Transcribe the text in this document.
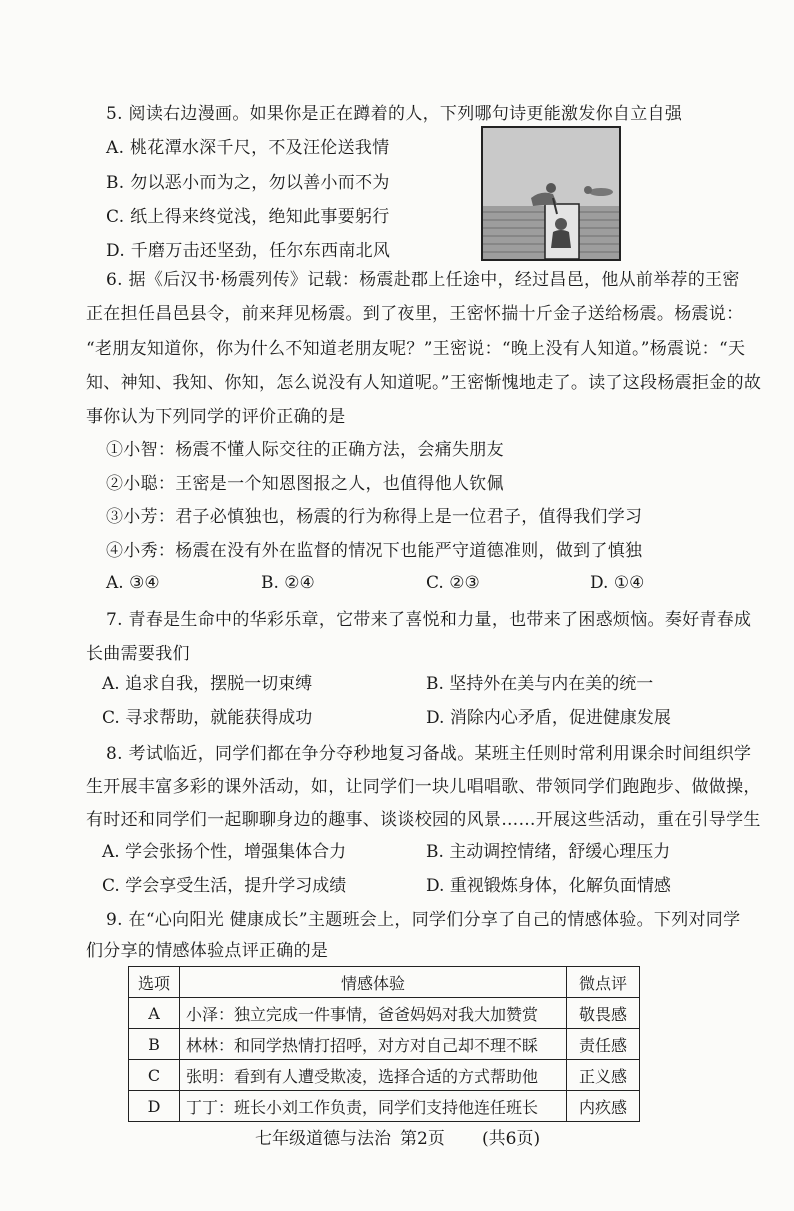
5. 阅读右边漫画。如果你是正在蹲着的人，下列哪句诗更能激发你自立自强
A. 桃花潭水深千尺，不及汪伦送我情
B. 勿以恶小而为之，勿以善小而不为
C. 纸上得来终觉浅，绝知此事要躬行
D. 千磨万击还坚劲，任尔东西南北风
6. 据《后汉书·杨震列传》记载：杨震赴郡上任途中，经过昌邑，他从前举荐的王密
正在担任昌邑县令，前来拜见杨震。到了夜里，王密怀揣十斤金子送给杨震。杨震说：
“老朋友知道你，你为什么不知道老朋友呢？”王密说：“晚上没有人知道。”杨震说：“天
知、神知、我知、你知，怎么说没有人知道呢。”王密惭愧地走了。读了这段杨震拒金的故
事你认为下列同学的评价正确的是
①小智：杨震不懂人际交往的正确方法，会痛失朋友
②小聪：王密是一个知恩图报之人，也值得他人钦佩
③小芳：君子必慎独也，杨震的行为称得上是一位君子，值得我们学习
④小秀：杨震在没有外在监督的情况下也能严守道德准则，做到了慎独
A. ③④	B. ②④	C. ②③	D. ①④
7. 青春是生命中的华彩乐章，它带来了喜悦和力量，也带来了困惑烦恼。奏好青春成
长曲需要我们
A. 追求自我，摆脱一切束缚	B. 坚持外在美与内在美的统一
C. 寻求帮助，就能获得成功	D. 消除内心矛盾，促进健康发展
8. 考试临近，同学们都在争分夺秒地复习备战。某班主任则时常利用课余时间组织学
生开展丰富多彩的课外活动，如，让同学们一块儿唱唱歌、带领同学们跑跑步、做做操，
有时还和同学们一起聊聊身边的趣事、谈谈校园的风景……开展这些活动，重在引导学生
A. 学会张扬个性，增强集体合力	B. 主动调控情绪，舒缓心理压力
C. 学会享受生活，提升学习成绩	D. 重视锻炼身体，化解负面情感
9. 在“心向阳光 健康成长”主题班会上，同学们分享了自己的情感体验。下列对同学
们分享的情感体验点评正确的是
选项	情感体验	微点评
A	小泽：独立完成一件事情，爸爸妈妈对我大加赞赏	敬畏感
B	林林：和同学热情打招呼，对方对自己却不理不睬	责任感
C	张明：看到有人遭受欺凌，选择合适的方式帮助他	正义感
D	丁丁：班长小刘工作负责，同学们支持他连任班长	内疚感
七年级道德与法治 第2页 (共6页)
